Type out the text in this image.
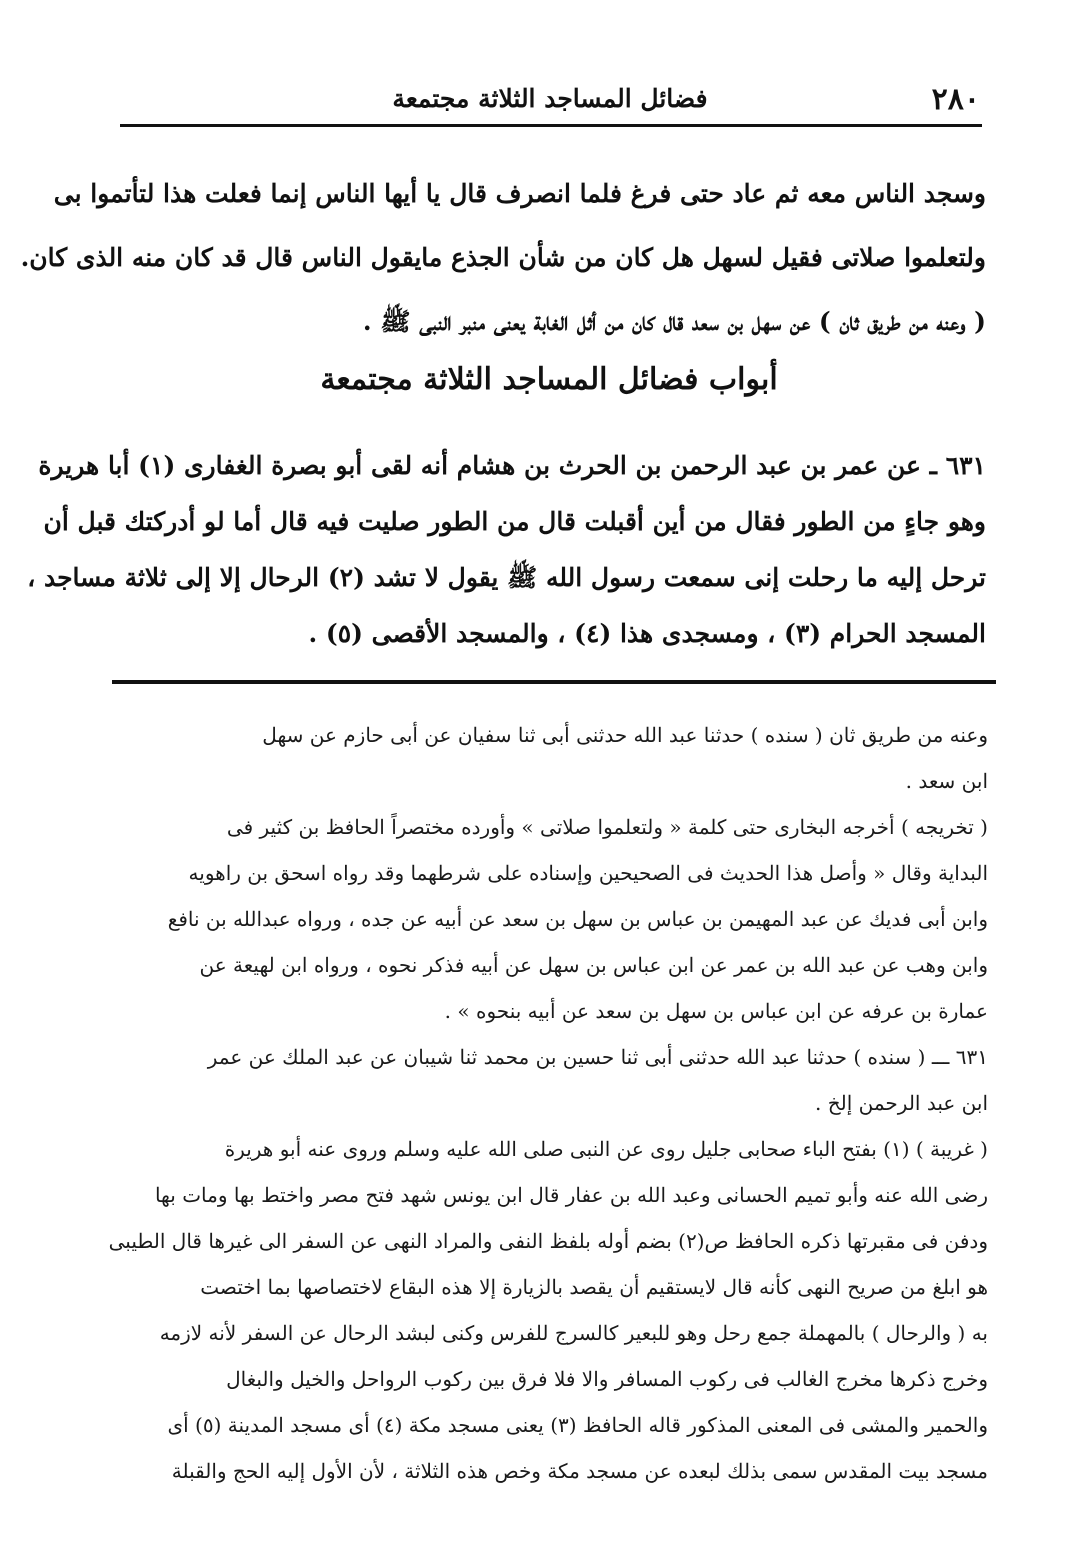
٢٨٠
فضائل المساجد الثلاثة مجتمعة
وسجد الناس معه ثم عاد حتى فرغ فلما انصرف قال يا أيها الناس إنما فعلت هذا لتأتموا بى
ولتعلموا صلاتى فقيل لسهل هل كان من شأن الجذع مايقول الناس قال قد كان منه الذى كان.
( وعنه من طريق ثان ) عن سهل بن سعد قال كان من أثل الغابة يعنى منبر النبى ﷺ .
أبواب فضائل المساجد الثلاثة مجتمعة
٦٣١ ـ عن عمر بن عبد الرحمن بن الحرث بن هشام أنه لقى أبو بصرة الغفارى (١) أبا هريرة
وهو جاءٍ من الطور فقال من أين أقبلت قال من الطور صليت فيه قال أما لو أدركتك قبل أن
ترحل إليه ما رحلت إنى سمعت رسول الله ﷺ يقول لا تشد (٢) الرحال إلا إلى ثلاثة مساجد ،
المسجد الحرام (٣) ، ومسجدى هذا (٤) ، والمسجد الأقصى (٥) .
وعنه من طريق ثان ( سنده ) حدثنا عبد الله حدثنى أبى ثنا سفيان عن أبى حازم عن سهل
ابن سعد .
( تخريجه ) أخرجه البخارى حتى كلمة « ولتعلموا صلاتى » وأورده مختصراً الحافظ بن كثير فى
البداية وقال « وأصل هذا الحديث فى الصحيحين وإسناده على شرطهما وقد رواه اسحق بن راهويه
وابن أبى فديك عن عبد المهيمن بن عباس بن سهل بن سعد عن أبيه عن جده ، ورواه عبدالله بن نافع
وابن وهب عن عبد الله بن عمر عن ابن عباس بن سهل عن أبيه فذكر نحوه ، ورواه ابن لهيعة عن
عمارة بن عرفه عن ابن عباس بن سهل بن سعد عن أبيه بنحوه » .
٦٣١ ـــ ( سنده ) حدثنا عبد الله حدثنى أبى ثنا حسين بن محمد ثنا شيبان عن عبد الملك عن عمر
ابن عبد الرحمن إلخ .
( غريبة ) (١) بفتح الباء صحابى جليل روى عن النبى صلى الله عليه وسلم وروى عنه أبو هريرة
رضى الله عنه وأبو تميم الحسانى وعبد الله بن عفار قال ابن يونس شهد فتح مصر واختط بها ومات بها
ودفن فى مقبرتها ذكره الحافظ ص(٢) بضم أوله بلفظ النفى والمراد النهى عن السفر الى غيرها قال الطيبى
هو ابلغ من صريح النهى كأنه قال لايستقيم أن يقصد بالزيارة إلا هذه البقاع لاختصاصها بما اختصت
به ( والرحال ) بالمهملة جمع رحل وهو للبعير كالسرج للفرس وكنى لبشد الرحال عن السفر لأنه لازمه
وخرج ذكرها مخرج الغالب فى ركوب المسافر والا فلا فرق بين ركوب الرواحل والخيل والبغال
والحمير والمشى فى المعنى المذكور قاله الحافظ (٣) يعنى مسجد مكة (٤) أى مسجد المدينة (٥) أى
مسجد بيت المقدس سمى بذلك لبعده عن مسجد مكة وخص هذه الثلاثة ، لأن الأول إليه الحج والقبلة
